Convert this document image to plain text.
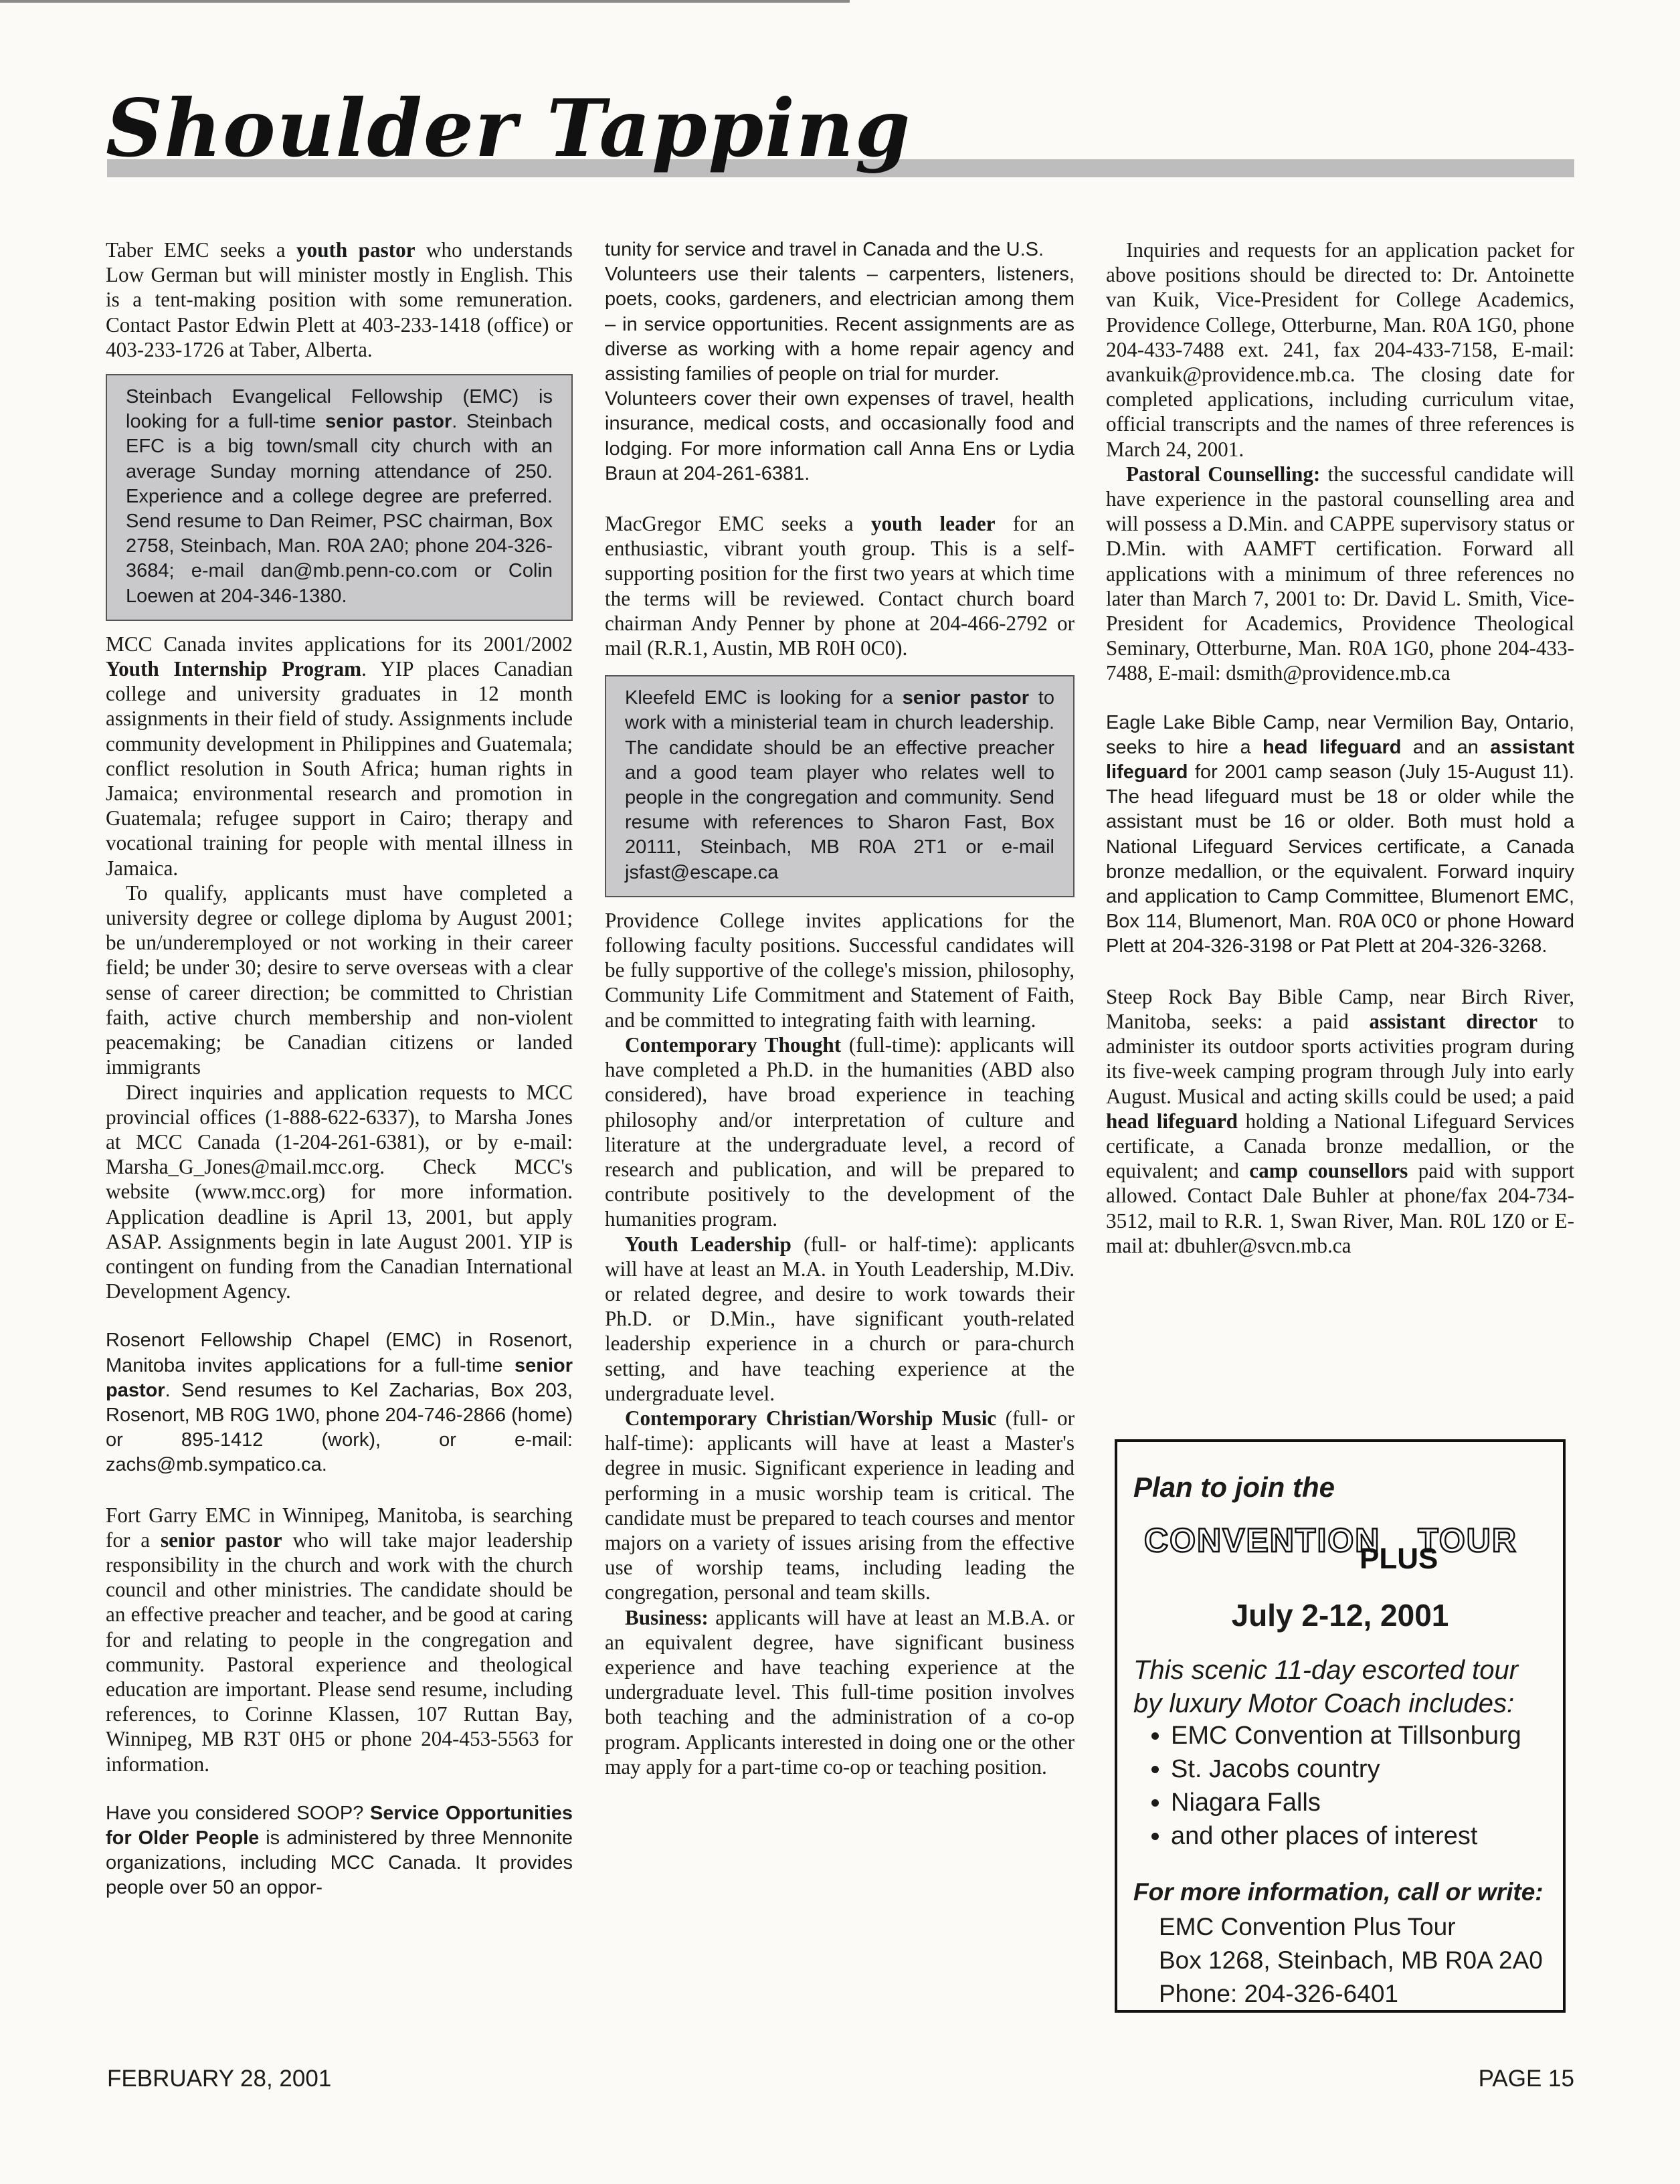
Shoulder Tapping

Taber EMC seeks a youth pastor who understands Low German but will minister mostly in English. This is a tent-making position with some remuneration. Contact Pastor Edwin Plett at 403-233-1418 (office) or 403-233-1726 at Taber, Alberta.

Steinbach Evangelical Fellowship (EMC) is looking for a full-time senior pastor. Steinbach EFC is a big town/small city church with an average Sunday morning attendance of 250. Experience and a college degree are preferred. Send resume to Dan Reimer, PSC chairman, Box 2758, Steinbach, Man. R0A 2A0; phone 204-326-3684; e-mail dan@mb.penn-co.com or Colin Loewen at 204-346-1380.

MCC Canada invites applications for its 2001/2002 Youth Internship Program. YIP places Canadian college and university graduates in 12 month assignments in their field of study. Assignments include community development in Philippines and Guatemala; conflict resolution in South Africa; human rights in Jamaica; environmental research and promotion in Guatemala; refugee support in Cairo; therapy and vocational training for people with mental illness in Jamaica.

To qualify, applicants must have completed a university degree or college diploma by August 2001; be un/underemployed or not working in their career field; be under 30; desire to serve overseas with a clear sense of career direction; be committed to Christian faith, active church membership and non-violent peacemaking; be Canadian citizens or landed immigrants

Direct inquiries and application requests to MCC provincial offices (1-888-622-6337), to Marsha Jones at MCC Canada (1-204-261-6381), or by e-mail: Marsha_G_Jones@mail.mcc.org. Check MCC's website (www.mcc.org) for more information. Application deadline is April 13, 2001, but apply ASAP. Assignments begin in late August 2001. YIP is contingent on funding from the Canadian International Development Agency.

Rosenort Fellowship Chapel (EMC) in Rosenort, Manitoba invites applications for a full-time senior pastor. Send resumes to Kel Zacharias, Box 203, Rosenort, MB R0G 1W0, phone 204-746-2866 (home) or 895-1412 (work), or e-mail: zachs@mb.sympatico.ca.

Fort Garry EMC in Winnipeg, Manitoba, is searching for a senior pastor who will take major leadership responsibility in the church and work with the church council and other ministries. The candidate should be an effective preacher and teacher, and be good at caring for and relating to people in the congregation and community. Pastoral experience and theological education are important. Please send resume, including references, to Corinne Klassen, 107 Ruttan Bay, Winnipeg, MB R3T 0H5 or phone 204-453-5563 for information.

Have you considered SOOP? Service Opportunities for Older People is administered by three Mennonite organizations, including MCC Canada. It provides people over 50 an oppor-

tunity for service and travel in Canada and the U.S.

Volunteers use their talents – carpenters, listeners, poets, cooks, gardeners, and electrician among them – in service opportunities. Recent assignments are as diverse as working with a home repair agency and assisting families of people on trial for murder.

Volunteers cover their own expenses of travel, health insurance, medical costs, and occasionally food and lodging. For more information call Anna Ens or Lydia Braun at 204-261-6381.

MacGregor EMC seeks a youth leader for an enthusiastic, vibrant youth group. This is a self-supporting position for the first two years at which time the terms will be reviewed. Contact church board chairman Andy Penner by phone at 204-466-2792 or mail (R.R.1, Austin, MB R0H 0C0).

Kleefeld EMC is looking for a senior pastor to work with a ministerial team in church leadership. The candidate should be an effective preacher and a good team player who relates well to people in the congregation and community. Send resume with references to Sharon Fast, Box 20111, Steinbach, MB R0A 2T1 or e-mail jsfast@escape.ca

Providence College invites applications for the following faculty positions. Successful candidates will be fully supportive of the college's mission, philosophy, Community Life Commitment and Statement of Faith, and be committed to integrating faith with learning.

Contemporary Thought (full-time): applicants will have completed a Ph.D. in the humanities (ABD also considered), have broad experience in teaching philosophy and/or interpretation of culture and literature at the undergraduate level, a record of research and publication, and will be prepared to contribute positively to the development of the humanities program.

Youth Leadership (full- or half-time): applicants will have at least an M.A. in Youth Leadership, M.Div. or related degree, and desire to work towards their Ph.D. or D.Min., have significant youth-related leadership experience in a church or para-church setting, and have teaching experience at the undergraduate level.

Contemporary Christian/Worship Music (full- or half-time): applicants will have at least a Master's degree in music. Significant experience in leading and performing in a music worship team is critical. The candidate must be prepared to teach courses and mentor majors on a variety of issues arising from the effective use of worship teams, including leading the congregation, personal and team skills.

Business: applicants will have at least an M.B.A. or an equivalent degree, have significant business experience and have teaching experience at the undergraduate level. This full-time position involves both teaching and the administration of a co-op program. Applicants interested in doing one or the other may apply for a part-time co-op or teaching position.

Inquiries and requests for an application packet for above positions should be directed to: Dr. Antoinette van Kuik, Vice-President for College Academics, Providence College, Otterburne, Man. R0A 1G0, phone 204-433-7488 ext. 241, fax 204-433-7158, E-mail: avankuik@providence.mb.ca. The closing date for completed applications, including curriculum vitae, official transcripts and the names of three references is March 24, 2001.

Pastoral Counselling: the successful candidate will have experience in the pastoral counselling area and will possess a D.Min. and CAPPE supervisory status or D.Min. with AAMFT certification. Forward all applications with a minimum of three references no later than March 7, 2001 to: Dr. David L. Smith, Vice-President for Academics, Providence Theological Seminary, Otterburne, Man. R0A 1G0, phone 204-433-7488, E-mail: dsmith@providence.mb.ca

Eagle Lake Bible Camp, near Vermilion Bay, Ontario, seeks to hire a head lifeguard and an assistant lifeguard for 2001 camp season (July 15-August 11). The head lifeguard must be 18 or older while the assistant must be 16 or older. Both must hold a National Lifeguard Services certificate, a Canada bronze medallion, or the equivalent. Forward inquiry and application to Camp Committee, Blumenort EMC, Box 114, Blumenort, Man. R0A 0C0 or phone Howard Plett at 204-326-3198 or Pat Plett at 204-326-3268.

Steep Rock Bay Bible Camp, near Birch River, Manitoba, seeks: a paid assistant director to administer its outdoor sports activities program during its five-week camping program through July into early August. Musical and acting skills could be used; a paid head lifeguard holding a National Lifeguard Services certificate, a Canada bronze medallion, or the equivalent; and camp counsellors paid with support allowed. Contact Dale Buhler at phone/fax 204-734-3512, mail to R.R. 1, Swan River, Man. R0L 1Z0 or E-mail at: dbuhler@svcn.mb.ca

Plan to join the
CONVENTION TOUR
PLUS
July 2-12, 2001
This scenic 11-day escorted tour
by luxury Motor Coach includes:
• EMC Convention at Tillsonburg
• St. Jacobs country
• Niagara Falls
• and other places of interest
For more information, call or write:
EMC Convention Plus Tour
Box 1268, Steinbach, MB R0A 2A0
Phone: 204-326-6401
FEBRUARY 28, 2001	PAGE 15
